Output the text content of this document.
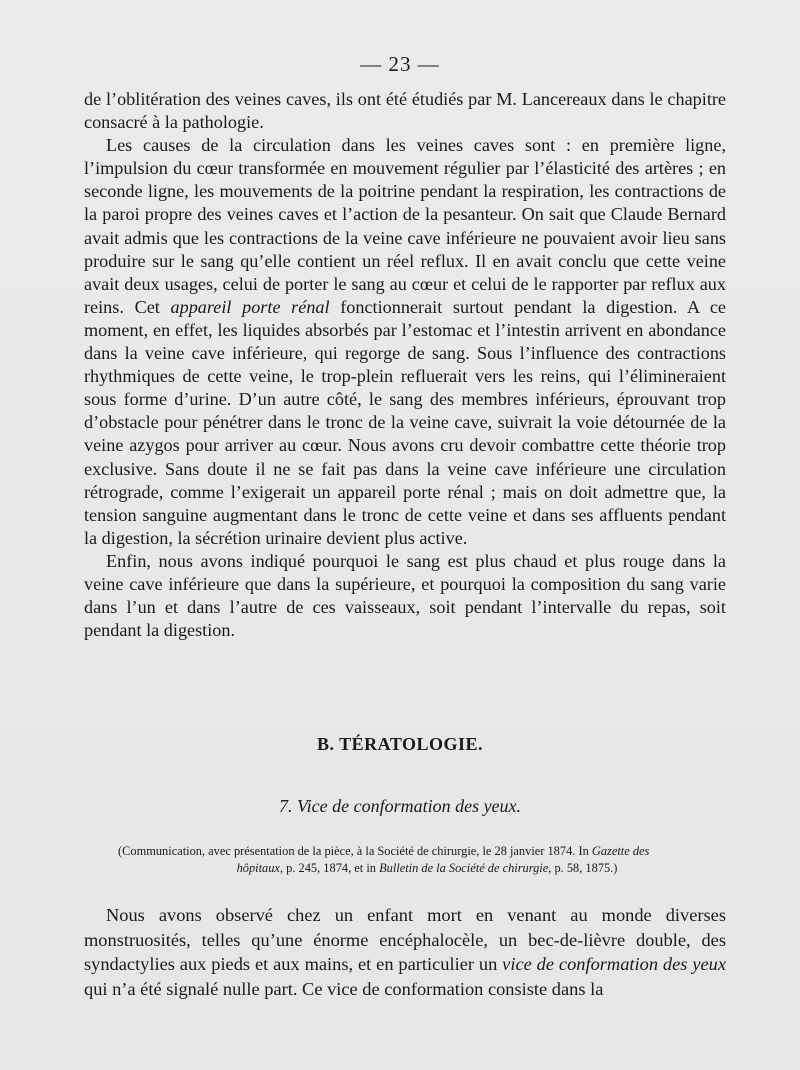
— 23 —

de l’oblitération des veines caves, ils ont été étudiés par M. Lancereaux dans le chapitre consacré à la pathologie.

Les causes de la circulation dans les veines caves sont : en première ligne, l’impulsion du cœur transformée en mouvement régulier par l’élasticité des artères ; en seconde ligne, les mouvements de la poitrine pendant la respiration, les contractions de la paroi propre des veines caves et l’action de la pesanteur. On sait que Claude Bernard avait admis que les contractions de la veine cave inférieure ne pouvaient avoir lieu sans produire sur le sang qu’elle contient un réel reflux. Il en avait conclu que cette veine avait deux usages, celui de porter le sang au cœur et celui de le rapporter par reflux aux reins. Cet appareil porte rénal fonctionnerait surtout pendant la digestion. A ce moment, en effet, les liquides absorbés par l’estomac et l’intestin arrivent en abondance dans la veine cave inférieure, qui regorge de sang. Sous l’influence des contractions rhythmiques de cette veine, le trop-plein refluerait vers les reins, qui l’élimineraient sous forme d’urine. D’un autre côté, le sang des membres inférieurs, éprouvant trop d’obstacle pour pénétrer dans le tronc de la veine cave, suivrait la voie détournée de la veine azygos pour arriver au cœur. Nous avons cru devoir combattre cette théorie trop exclusive. Sans doute il ne se fait pas dans la veine cave inférieure une circulation rétrograde, comme l’exigerait un appareil porte rénal ; mais on doit admettre que, la tension sanguine augmentant dans le tronc de cette veine et dans ses affluents pendant la digestion, la sécrétion urinaire devient plus active.

Enfin, nous avons indiqué pourquoi le sang est plus chaud et plus rouge dans la veine cave inférieure que dans la supérieure, et pourquoi la composition du sang varie dans l’un et dans l’autre de ces vaisseaux, soit pendant l’intervalle du repas, soit pendant la digestion.

B. TÉRATOLOGIE.
7. Vice de conformation des yeux.
(Communication, avec présentation de la pièce, à la Société de chirurgie, le 28 janvier 1874. In Gazette des
hôpitaux, p. 245, 1874, et in Bulletin de la Société de chirurgie, p. 58, 1875.)

Nous avons observé chez un enfant mort en venant au monde diverses monstruosités, telles qu’une énorme encéphalocèle, un bec-de-lièvre double, des syndactylies aux pieds et aux mains, et en particulier un vice de conformation des yeux qui n’a été signalé nulle part. Ce vice de conformation consiste dans la
